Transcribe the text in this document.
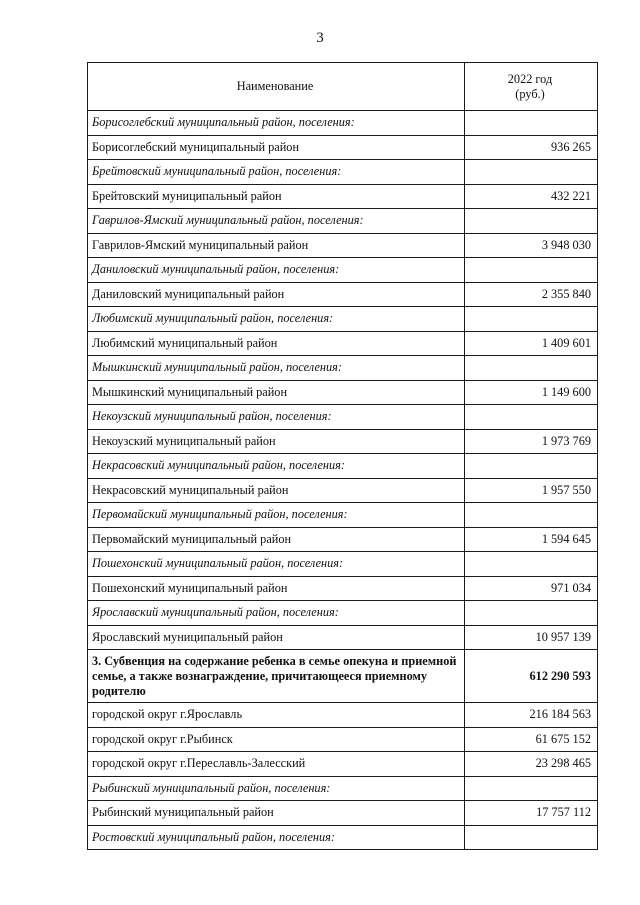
3
Наименование	2022 год
(руб.)
Борисоглебский муниципальный район, поселения:	
Борисоглебский муниципальный район	936 265
Брейтовский муниципальный район, поселения:	
Брейтовский муниципальный район	432 221
Гаврилов-Ямский муниципальный район, поселения:	
Гаврилов-Ямский муниципальный район	3 948 030
Даниловский муниципальный район, поселения:	
Даниловский муниципальный район	2 355 840
Любимский муниципальный район, поселения:	
Любимский муниципальный район	1 409 601
Мышкинский муниципальный район, поселения:	
Мышкинский муниципальный район	1 149 600
Некоузский муниципальный район, поселения:	
Некоузский муниципальный район	1 973 769
Некрасовский муниципальный район, поселения:	
Некрасовский муниципальный район	1 957 550
Первомайский муниципальный район, поселения:	
Первомайский муниципальный район	1 594 645
Пошехонский муниципальный район, поселения:	
Пошехонский муниципальный район	971 034
Ярославский муниципальный район, поселения:	
Ярославский муниципальный район	10 957 139
3. Субвенция на содержание ребенка в семье опекуна и приемной семье, а также вознаграждение, причитающееся приемному родителю	612 290 593
городской округ г.Ярославль	216 184 563
городской округ г.Рыбинск	61 675 152
городской округ г.Переславль-Залесский	23 298 465
Рыбинский муниципальный район, поселения:	
Рыбинский муниципальный район	17 757 112
Ростовский муниципальный район, поселения:	
